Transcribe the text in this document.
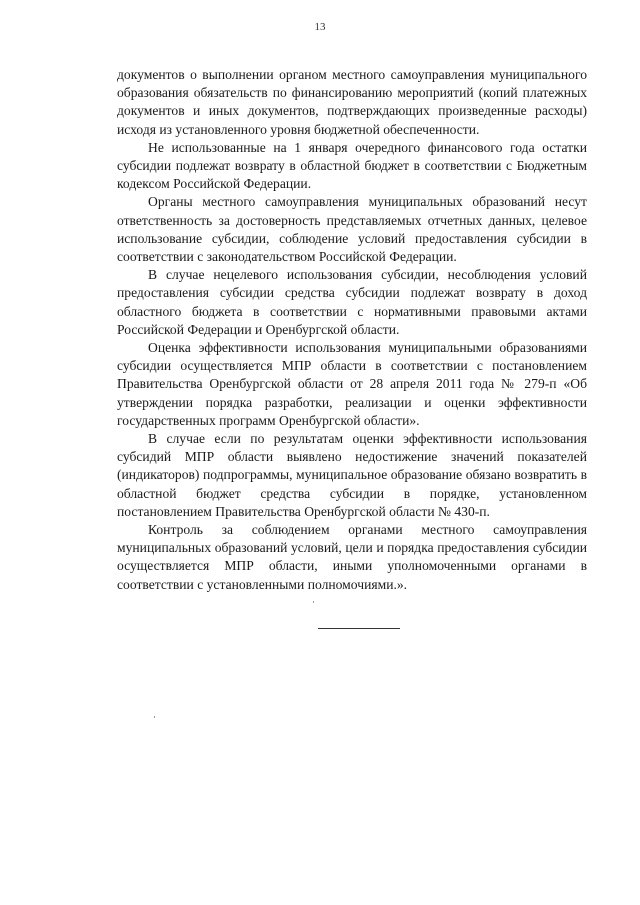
13

документов о выполнении органом местного самоуправления муниципального образования обязательств по финансированию мероприятий (копий платежных документов и иных документов, подтверждающих произведенные расходы) исходя из установленного уровня бюджетной обеспеченности.

Не использованные на 1 января очередного финансового года остатки субсидии подлежат возврату в областной бюджет в соответствии с Бюджетным кодексом Российской Федерации.

Органы местного самоуправления муниципальных образований несут ответственность за достоверность представляемых отчетных данных, целевое использование субсидии, соблюдение условий предоставления субсидии в соответствии с законодательством Российской Федерации.

В случае нецелевого использования субсидии, несоблюдения условий предоставления субсидии средства субсидии подлежат возврату в доход областного бюджета в соответствии с нормативными правовыми актами Российской Федерации и Оренбургской области.

Оценка эффективности использования муниципальными образованиями субсидии осуществляется МПР области в соответствии с постановлением Правительства Оренбургской области от 28 апреля 2011 года № 279-п «Об утверждении порядка разработки, реализации и оценки эффективности государственных программ Оренбургской области».

В случае если по результатам оценки эффективности использования субсидий МПР области выявлено недостижение значений показателей (индикаторов) подпрограммы, муниципальное образование обязано возвратить в областной бюджет средства субсидии в порядке, установленном постановлением Правительства Оренбургской области № 430-п.

Контроль за соблюдением органами местного самоуправления муниципальных образований условий, цели и порядка предоставления субсидии осуществляется МПР области, иными уполномоченными органами в соответствии с установленными полномочиями.».
